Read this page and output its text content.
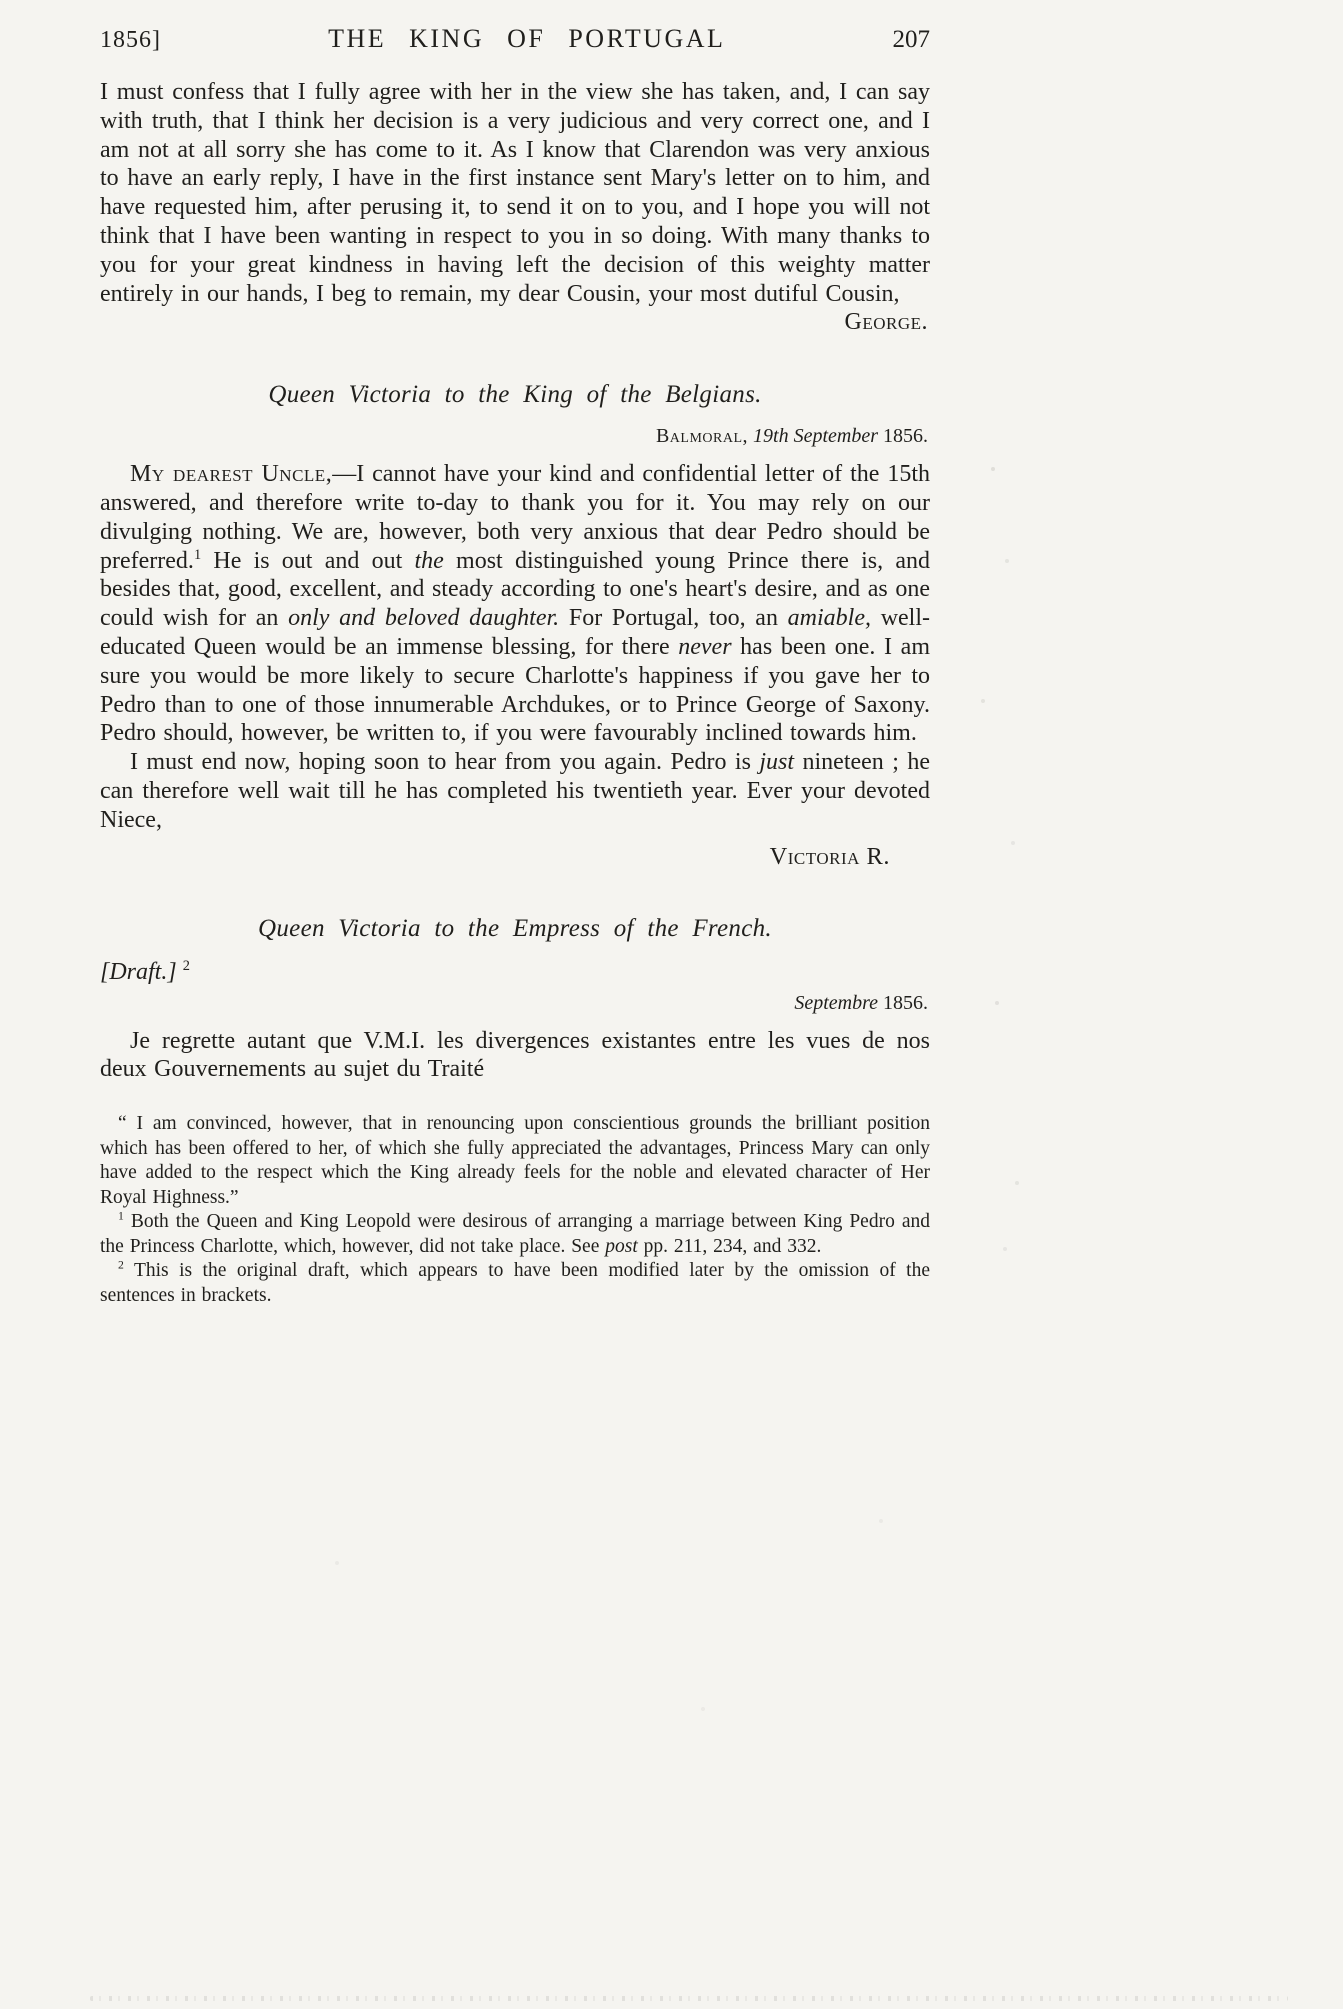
1856]	THE KING OF PORTUGAL	207

I must confess that I fully agree with her in the view she has taken, and, I can say with truth, that I think her decision is a very judicious and very correct one, and I am not at all sorry she has come to it. As I know that Clarendon was very anxious to have an early reply, I have in the first instance sent Mary's letter on to him, and have requested him, after perusing it, to send it on to you, and I hope you will not think that I have been wanting in respect to you in so doing. With many thanks to you for your great kindness in having left the decision of this weighty matter entirely in our hands, I beg to remain, my dear Cousin, your most dutiful Cousin,
George.

Queen Victoria to the King of the Belgians.
Balmoral, 19th September 1856.

My dearest Uncle,—I cannot have your kind and confidential letter of the 15th answered, and therefore write to-day to thank you for it. You may rely on our divulging nothing. We are, however, both very anxious that dear Pedro should be preferred.$^1$ He is out and out the most distinguished young Prince there is, and besides that, good, excellent, and steady according to one's heart's desire, and as one could wish for an only and beloved daughter. For Portugal, too, an amiable, well-educated Queen would be an immense blessing, for there never has been one. I am sure you would be more likely to secure Charlotte's happiness if you gave her to Pedro than to one of those innumerable Archdukes, or to Prince George of Saxony. Pedro should, however, be written to, if you were favourably inclined towards him.

I must end now, hoping soon to hear from you again. Pedro is just nineteen ; he can therefore well wait till he has completed his twentieth year. Ever your devoted Niece,

Victoria R.
Queen Victoria to the Empress of the French.
[Draft.] $^2$
Septembre 1856.

Je regrette autant que V.M.I. les divergences existantes entre les vues de nos deux Gouvernements au sujet du Traité

“ I am convinced, however, that in renouncing upon conscientious grounds the brilliant position which has been offered to her, of which she fully appreciated the advantages, Princess Mary can only have added to the respect which the King already feels for the noble and elevated character of Her Royal Highness.”

$^1$ Both the Queen and King Leopold were desirous of arranging a marriage between King Pedro and the Princess Charlotte, which, however, did not take place. See post pp. 211, 234, and 332.

$^2$ This is the original draft, which appears to have been modified later by the omission of the sentences in brackets.
